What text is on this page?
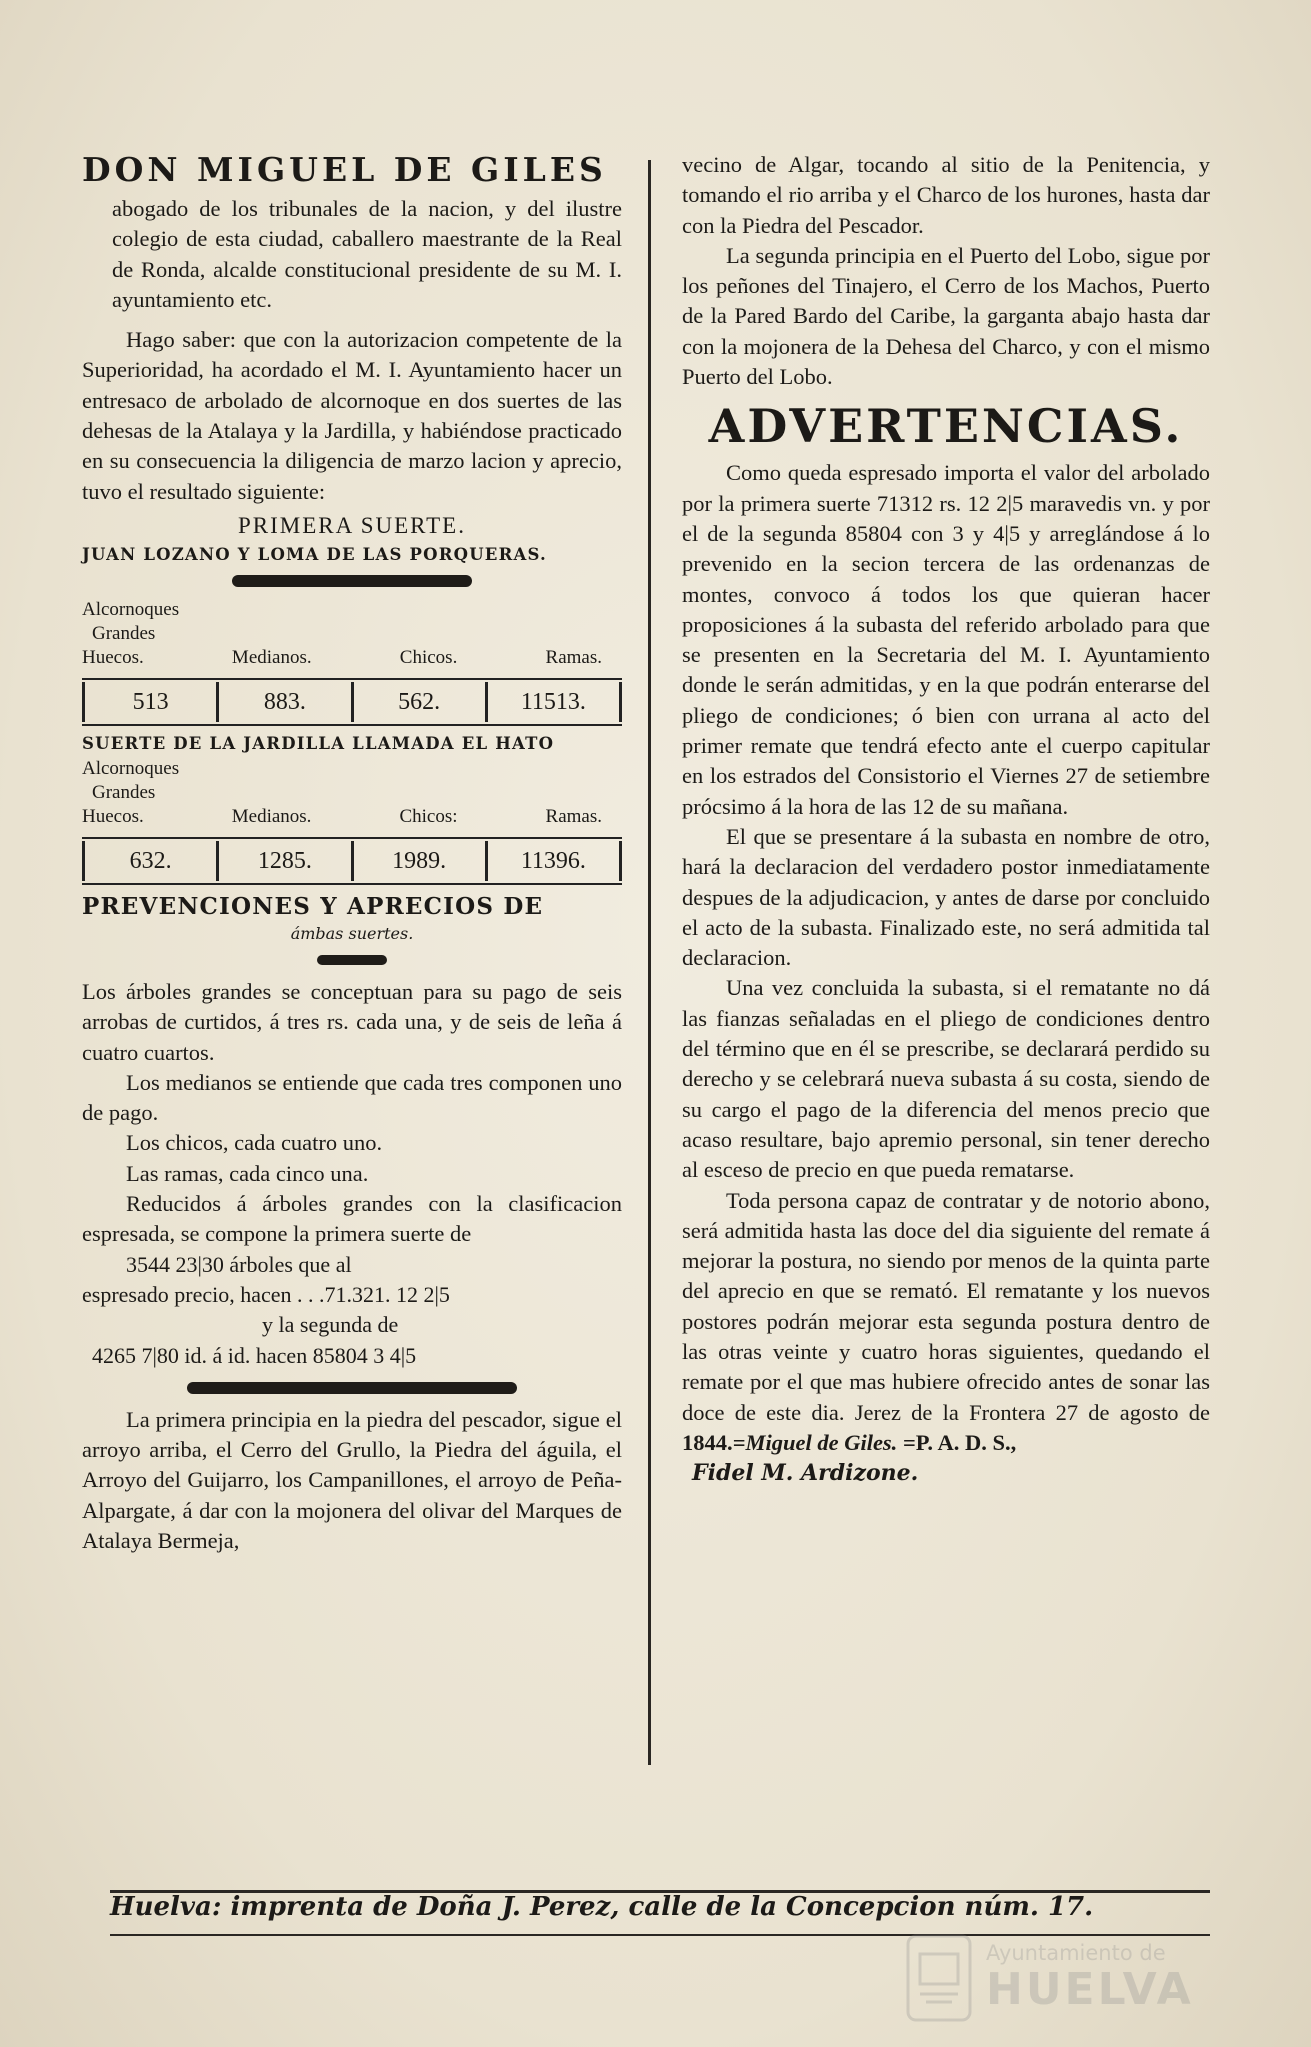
DON MIGUEL DE GILES
abogado de los tribunales de la nacion, y del ilustre colegio de esta ciudad, caballero maestrante de la Real de Ronda, alcalde constitucional presidente de su M. I. ayuntamiento etc.

Hago saber: que con la autorizacion competente de la Superioridad, ha acordado el M. I. Ayuntamiento hacer un entresaco de arbolado de alcornoque en dos suertes de las dehesas de la Atalaya y la Jardilla, y habiéndose practicado en su consecuencia la diligencia de marzo lacion y aprecio, tuvo el resultado siguiente:

PRIMERA SUERTE.
JUAN LOZANO Y LOMA DE LAS PORQUERAS.
Alcornoques
Grandes
Huecos.	Medianos.	Chicos.	Ramas.
513	883.	562.	11513.
SUERTE DE LA JARDILLA LLAMADA EL HATO
Alcornoques
Grandes
Huecos.	Medianos.	Chicos:	Ramas.
632.	1285.	1989.	11396.
PREVENCIONES Y APRECIOS DE
ámbas suertes.

Los árboles grandes se conceptuan para su pago de seis arrobas de curtidos, á tres rs. cada una, y de seis de leña á cuatro cuartos.

Los medianos se entiende que cada tres componen uno de pago.

Los chicos, cada cuatro uno.

Las ramas, cada cinco una.

Reducidos á árboles grandes con la clasificacion espresada, se compone la primera suerte de

3544 23|30 árboles que al
espresado precio, hacen . . .71.321. 12 2|5
y la segunda de
4265 7|80 id. á id. hacen 85804 3 4|5

La primera principia en la piedra del pescador, sigue el arroyo arriba, el Cerro del Grullo, la Piedra del águila, el Arroyo del Guijarro, los Campanillones, el arroyo de Peña-Alpargate, á dar con la mojonera del olivar del Marques de Atalaya Bermeja,

vecino de Algar, tocando al sitio de la Penitencia, y tomando el rio arriba y el Charco de los hurones, hasta dar con la Piedra del Pescador.

La segunda principia en el Puerto del Lobo, sigue por los peñones del Tinajero, el Cerro de los Machos, Puerto de la Pared Bardo del Caribe, la garganta abajo hasta dar con la mojonera de la Dehesa del Charco, y con el mismo Puerto del Lobo.

ADVERTENCIAS.

Como queda espresado importa el valor del arbolado por la primera suerte 71312 rs. 12 2|5 maravedis vn. y por el de la segunda 85804 con 3 y 4|5 y arreglándose á lo prevenido en la secion tercera de las ordenanzas de montes, convoco á todos los que quieran hacer proposiciones á la subasta del referido arbolado para que se presenten en la Secretaria del M. I. Ayuntamiento donde le serán admitidas, y en la que podrán enterarse del pliego de condiciones; ó bien con urrana al acto del primer remate que tendrá efecto ante el cuerpo capitular en los estrados del Consistorio el Viernes 27 de setiembre prócsimo á la hora de las 12 de su mañana.

El que se presentare á la subasta en nombre de otro, hará la declaracion del verdadero postor inmediatamente despues de la adjudicacion, y antes de darse por concluido el acto de la subasta. Finalizado este, no será admitida tal declaracion.

Una vez concluida la subasta, si el rematante no dá las fianzas señaladas en el pliego de condiciones dentro del término que en él se prescribe, se declarará perdido su derecho y se celebrará nueva subasta á su costa, siendo de su cargo el pago de la diferencia del menos precio que acaso resultare, bajo apremio personal, sin tener derecho al esceso de precio en que pueda rematarse.

Toda persona capaz de contratar y de notorio abono, será admitida hasta las doce del dia siguiente del remate á mejorar la postura, no siendo por menos de la quinta parte del aprecio en que se remató. El rematante y los nuevos postores podrán mejorar esta segunda postura dentro de las otras veinte y cuatro horas siguientes, quedando el remate por el que mas hubiere ofrecido antes de sonar las doce de este dia. Jerez de la Frontera 27 de agosto de 1844.=Miguel de Giles. =P. A. D. S.,

Fidel M. Ardizone.
Huelva: imprenta de Doña J. Perez, calle de la Concepcion núm. 17.
Ayuntamiento de
HUELVA
